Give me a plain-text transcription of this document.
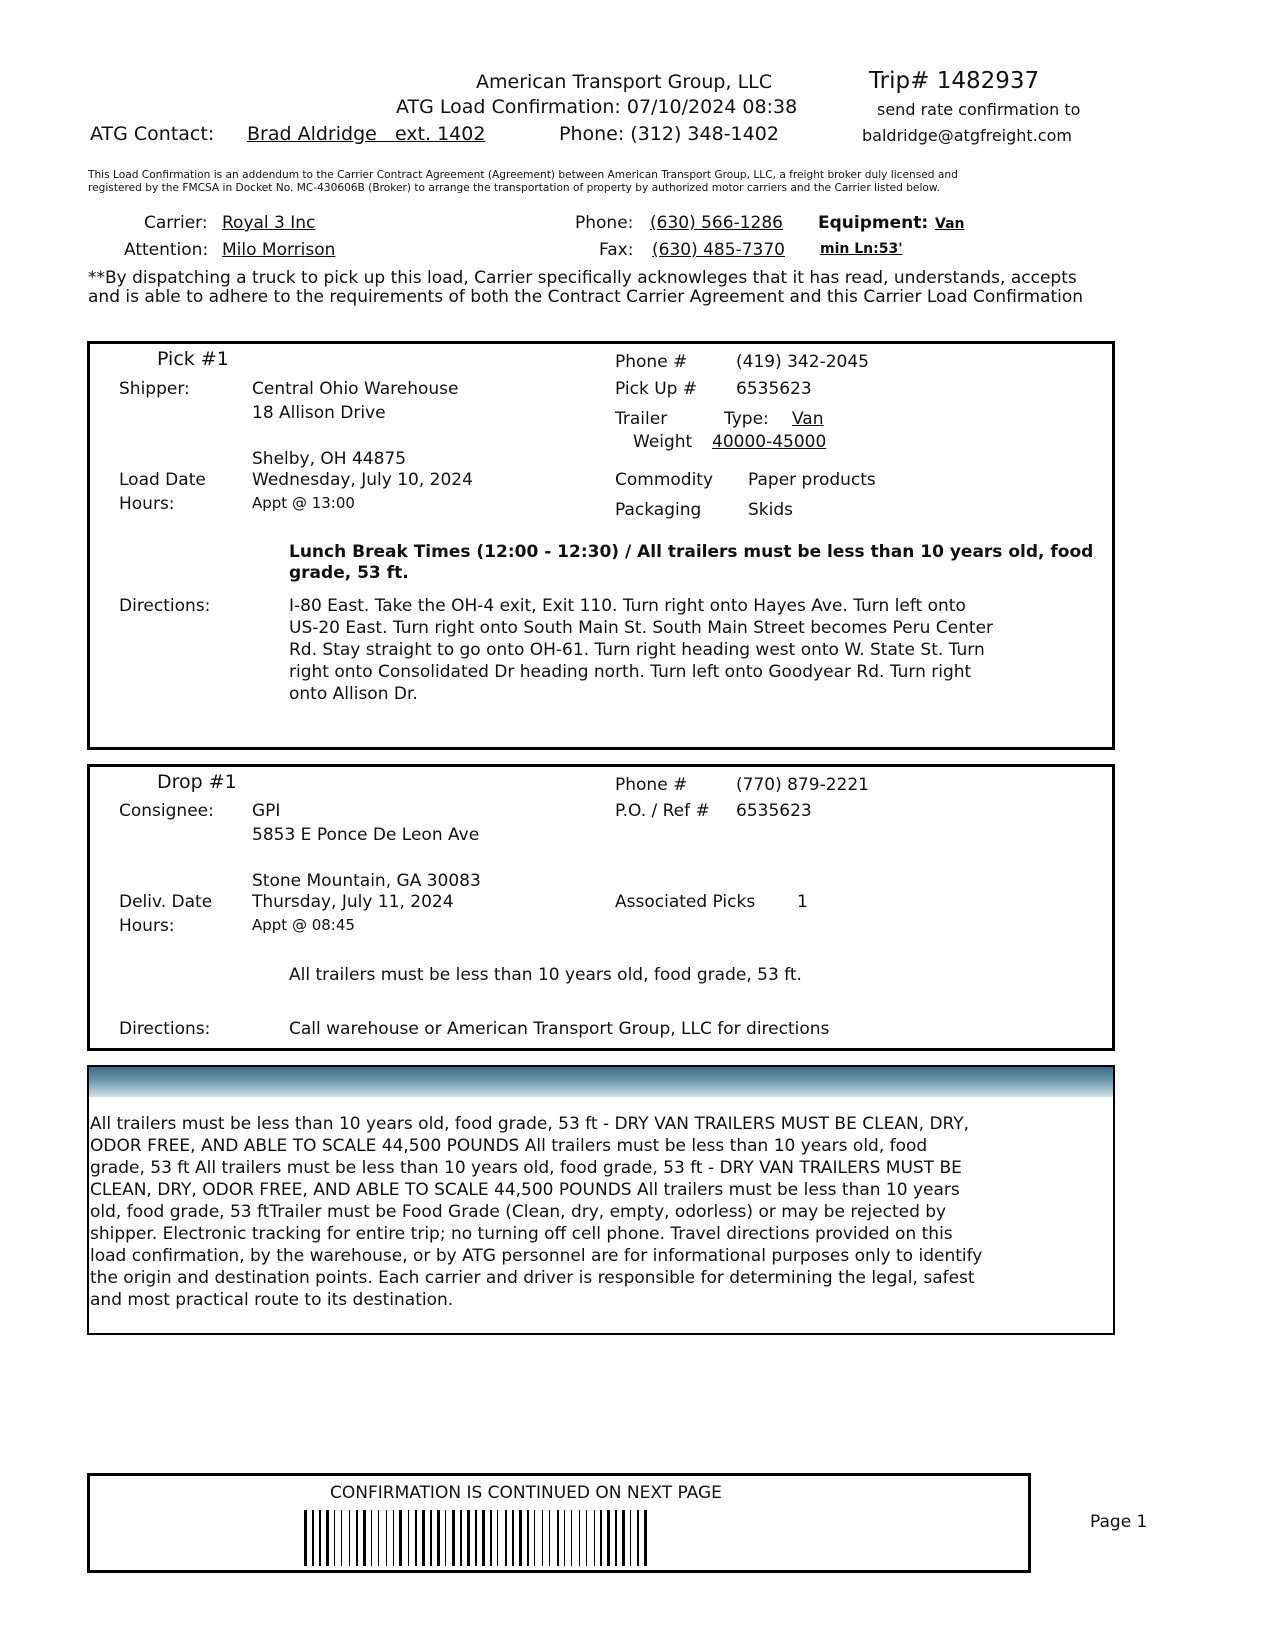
American Transport Group, LLC	Trip# 1482937
ATG Load Confirmation: 07/10/2024 08:38	send rate confirmation to
ATG Contact: Brad Aldridge   ext. 1402	Phone: (312) 348-1402	baldridge@atgfreight.com
This Load Confirmation is an addendum to the Carrier Contract Agreement (Agreement) between American Transport Group, LLC, a freight broker duly licensed and
registered by the FMCSA in Docket No. MC-430606B (Broker) to arrange the transportation of property by authorized motor carriers and the Carrier listed below.
Carrier: Royal 3 Inc
Attention: Milo Morrison
Phone: (630) 566-1286
Fax: (630) 485-7370
Equipment: Van
min Ln:53'
**By dispatching a truck to pick up this load, Carrier specifically acknowleges that it has read, understands, accepts
and is able to adhere to the requirements of both the Contract Carrier Agreement and this Carrier Load Confirmation
Pick #1
Shipper:	Central Ohio Warehouse
18 Allison Drive
Shelby, OH 44875
Load Date	Wednesday, July 10, 2024
Hours:	Appt @ 13:00
Phone #	(419) 342-2045
Pick Up # 6535623
Trailer	Type: Van
Weight 40000-45000
Commodity Paper products
Packaging	Skids
Lunch Break Times (12:00 - 12:30) / All trailers must be less than 10 years old, food
grade, 53 ft.
Directions:	I-80 East. Take the OH-4 exit, Exit 110. Turn right onto Hayes Ave. Turn left onto
US-20 East. Turn right onto South Main St. South Main Street becomes Peru Center
Rd. Stay straight to go onto OH-61. Turn right heading west onto W. State St. Turn
right onto Consolidated Dr heading north. Turn left onto Goodyear Rd. Turn right
onto Allison Dr.
Drop #1
Consignee: GPI
5853 E Ponce De Leon Ave
Stone Mountain, GA 30083
Deliv. Date Thursday, July 11, 2024
Hours:	Appt @ 08:45
Phone #	(770) 879-2221
P.O. / Ref # 6535623
Associated Picks 1
All trailers must be less than 10 years old, food grade, 53 ft.
Directions:	Call warehouse or American Transport Group, LLC for directions
All trailers must be less than 10 years old, food grade, 53 ft - DRY VAN TRAILERS MUST BE CLEAN, DRY,
ODOR FREE, AND ABLE TO SCALE 44,500 POUNDS All trailers must be less than 10 years old, food
grade, 53 ft All trailers must be less than 10 years old, food grade, 53 ft - DRY VAN TRAILERS MUST BE
CLEAN, DRY, ODOR FREE, AND ABLE TO SCALE 44,500 POUNDS All trailers must be less than 10 years
old, food grade, 53 ftTrailer must be Food Grade (Clean, dry, empty, odorless) or may be rejected by
shipper. Electronic tracking for entire trip; no turning off cell phone. Travel directions provided on this
load confirmation, by the warehouse, or by ATG personnel are for informational purposes only to identify
the origin and destination points. Each carrier and driver is responsible for determining the legal, safest
and most practical route to its destination.
CONFIRMATION IS CONTINUED ON NEXT PAGE
Page 1
